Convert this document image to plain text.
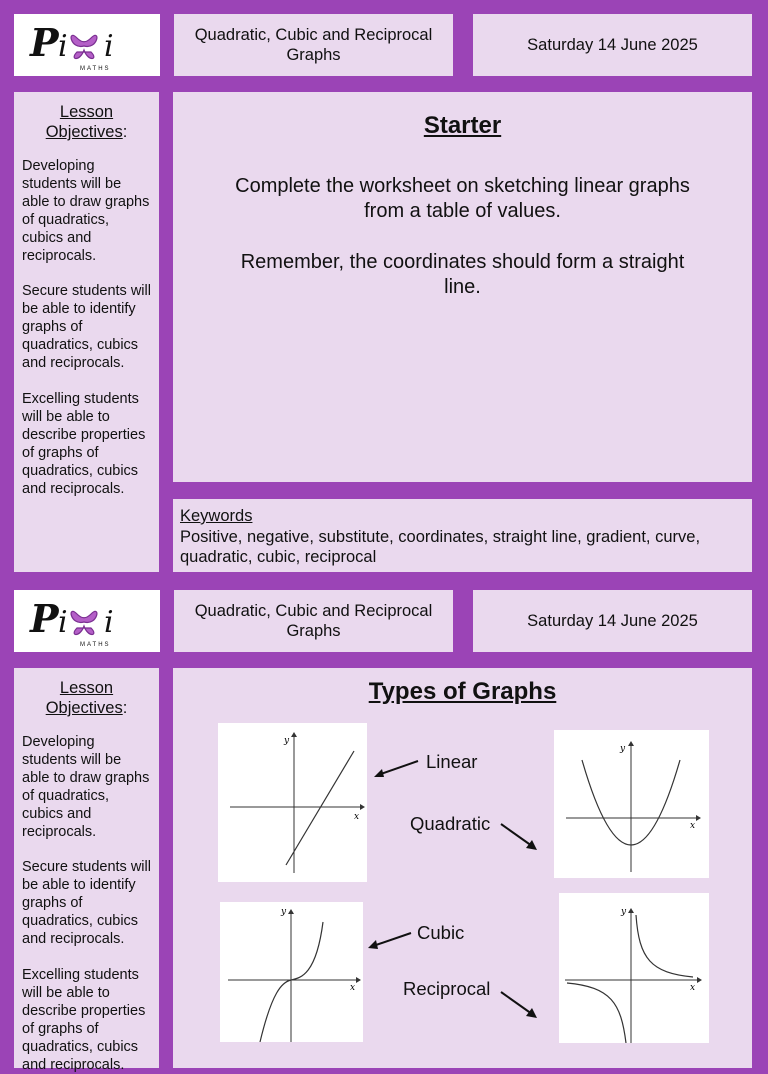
P i i
MATHS
Quadratic, Cubic and Reciprocal Graphs
Saturday 14 June 2025
Lesson Objectives:
Developing students will be able to draw graphs of quadratics, cubics and reciprocals.
Secure students will be able to identify graphs of quadratics, cubics and reciprocals.
Excelling students will be able to describe properties of graphs of quadratics, cubics and reciprocals.
Starter
Complete the worksheet on sketching linear graphs from a table of values.
Remember, the coordinates should form a straight line.
Keywords
Positive, negative, substitute, coordinates, straight line, gradient, curve, quadratic, cubic, reciprocal
P i i
MATHS
Quadratic, Cubic and Reciprocal Graphs
Saturday 14 June 2025
Lesson Objectives:
Developing students will be able to draw graphs of quadratics, cubics and reciprocals.
Secure students will be able to identify graphs of quadratics, cubics and reciprocals.
Excelling students will be able to describe properties of graphs of quadratics, cubics and reciprocals.
Types of Graphs
y
x
y
x
y
x
y
x
Linear
Quadratic
Cubic
Reciprocal
